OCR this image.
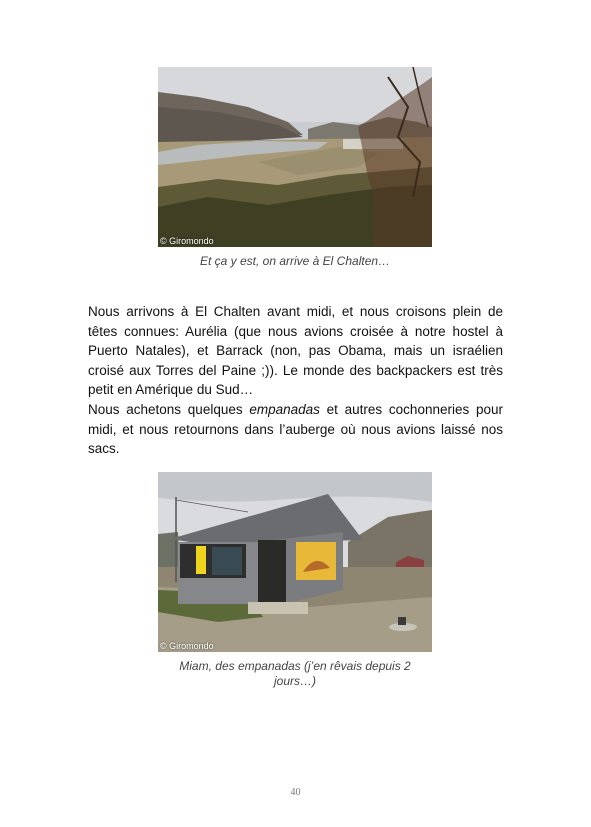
© Giromondo
Et ça y est, on arrive à El Chalten…

Nous arrivons à El Chalten avant midi, et nous croisons plein de têtes connues: Aurélia (que nous avions croisée à notre hostel à Puerto Natales), et Barrack (non, pas Obama, mais un israélien croisé aux Torres del Paine ;)). Le monde des backpackers est très petit en Amérique du Sud…

Nous achetons quelques empanadas et autres cochonneries pour midi, et nous retournons dans l’auberge où nous avions laissé nos sacs.

© Giromondo
Miam, des empanadas (j’en rêvais depuis 2 jours…)
40
